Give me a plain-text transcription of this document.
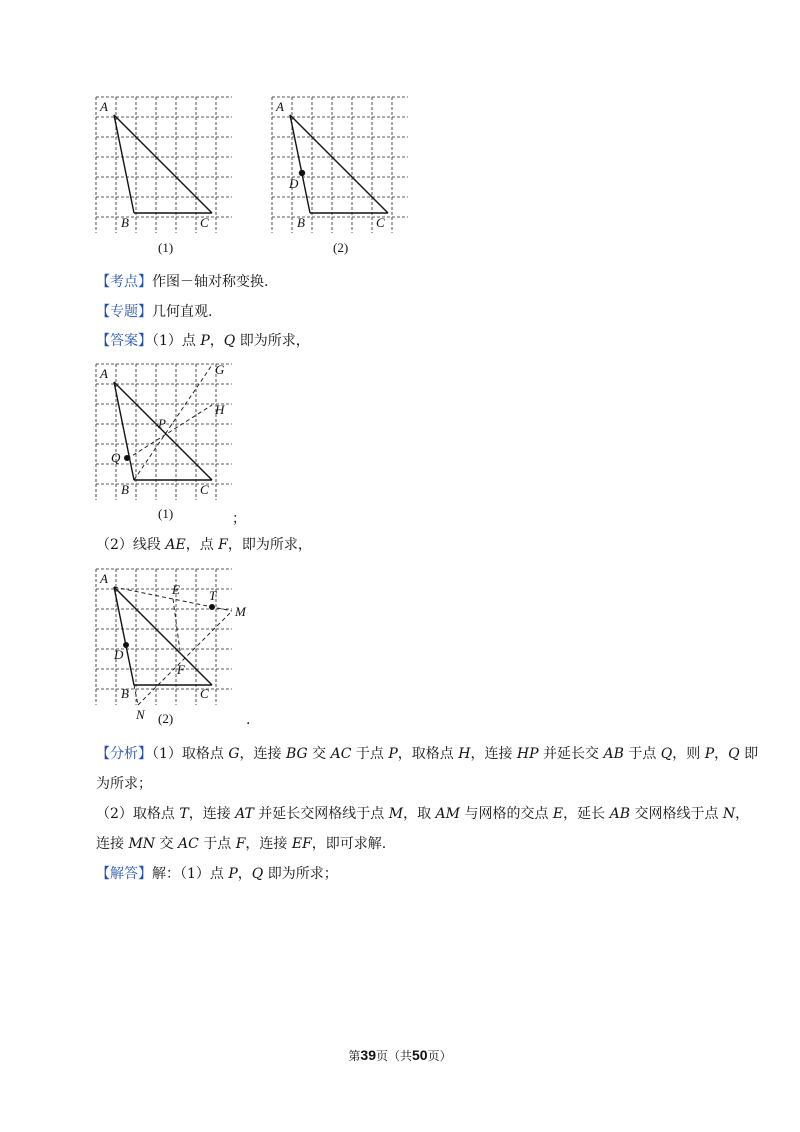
A
B	C
(1)
A
D
B	C
(2)
【考点】作图－轴对称变换.
【专题】几何直观.
【答案】（1）点 P，Q 即为所求，
A	G
H
P
Q
B	C
(1)	；
（2）线段 AE，点 F，即为所求，
A
E T
M
D
F
B	C
N (2)	.
【分析】（1）取格点 G，连接 BG 交 AC 于点 P，取格点 H，连接 HP 并延长交 AB 于点 Q，则 P，Q 即
为所求；
（2）取格点 T，连接 AT 并延长交网格线于点 M，取 AM 与网格的交点 E，延长 AB 交网格线于点 N，
连接 MN 交 AC 于点 F，连接 EF，即可求解.
【解答】解：（1）点 P，Q 即为所求；
第39页（共50页）
